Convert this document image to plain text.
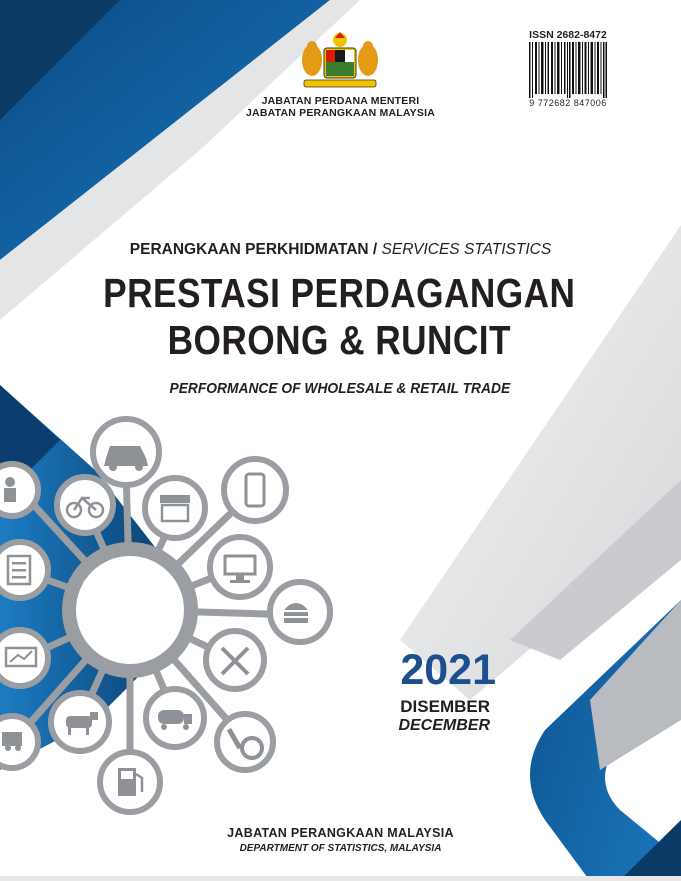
JABATAN PERDANA MENTERI
JABATAN PERANGKAAN MALAYSIA
ISSN 2682-8472
9 772682 847006
PERANGKAAN PERKHIDMATAN / SERVICES STATISTICS
PRESTASI PERDAGANGAN
BORONG & RUNCIT
PERFORMANCE OF WHOLESALE & RETAIL TRADE
2021
DISEMBER
DECEMBER
JABATAN PERANGKAAN MALAYSIA
DEPARTMENT OF STATISTICS, MALAYSIA
